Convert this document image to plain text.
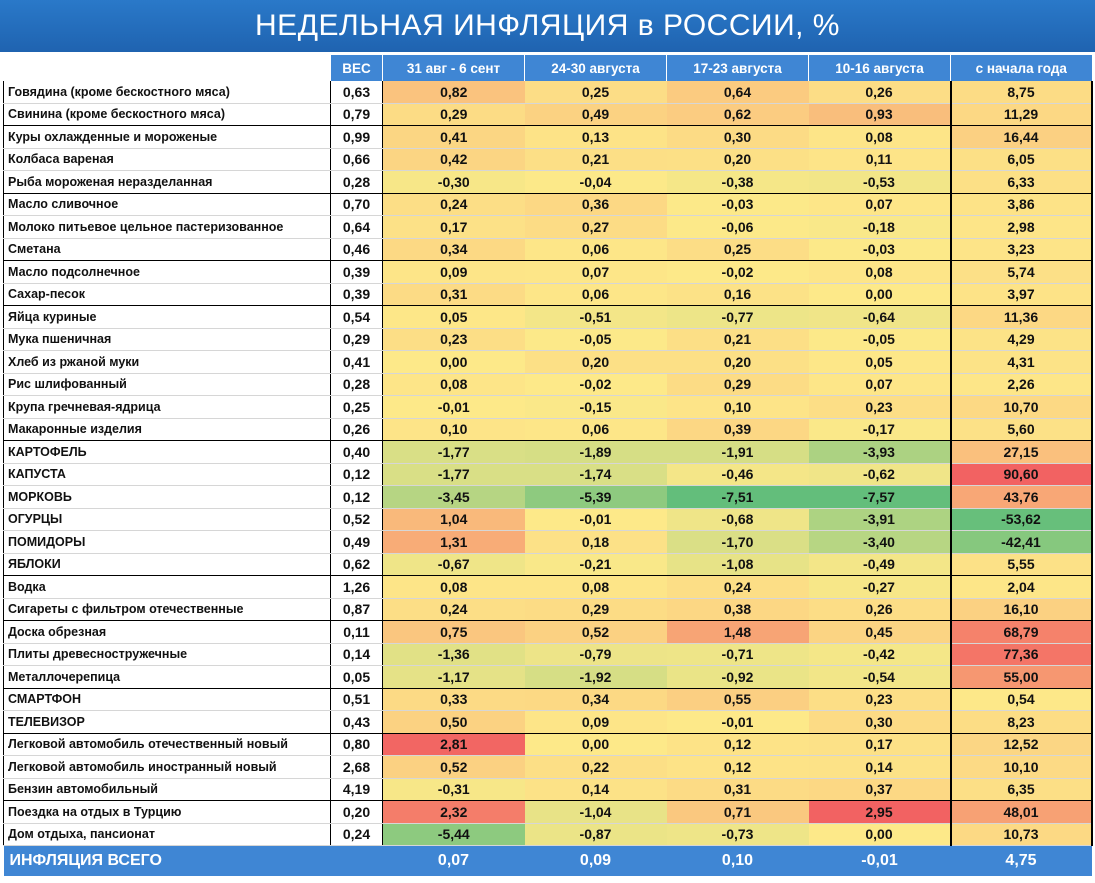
НЕДЕЛЬНАЯ ИНФЛЯЦИЯ в РОССИИ, %
	ВЕС	31 авг - 6 сент	24-30 августа	17-23 августа	10-16 августа	с начала года
Говядина (кроме бескостного мяса)	0,63	0,82	0,25	0,64	0,26	8,75
Свинина (кроме бескостного мяса)	0,79	0,29	0,49	0,62	0,93	11,29
Куры охлажденные и мороженые	0,99	0,41	0,13	0,30	0,08	16,44
Колбаса вареная	0,66	0,42	0,21	0,20	0,11	6,05
Рыба мороженая неразделанная	0,28	-0,30	-0,04	-0,38	-0,53	6,33
Масло сливочное	0,70	0,24	0,36	-0,03	0,07	3,86
Молоко питьевое цельное пастеризованное	0,64	0,17	0,27	-0,06	-0,18	2,98
Сметана	0,46	0,34	0,06	0,25	-0,03	3,23
Масло подсолнечное	0,39	0,09	0,07	-0,02	0,08	5,74
Сахар-песок	0,39	0,31	0,06	0,16	0,00	3,97
Яйца куриные	0,54	0,05	-0,51	-0,77	-0,64	11,36
Мука пшеничная	0,29	0,23	-0,05	0,21	-0,05	4,29
Хлеб из ржаной муки	0,41	0,00	0,20	0,20	0,05	4,31
Рис шлифованный	0,28	0,08	-0,02	0,29	0,07	2,26
Крупа гречневая-ядрица	0,25	-0,01	-0,15	0,10	0,23	10,70
Макаронные изделия	0,26	0,10	0,06	0,39	-0,17	5,60
КАРТОФЕЛЬ	0,40	-1,77	-1,89	-1,91	-3,93	27,15
КАПУСТА	0,12	-1,77	-1,74	-0,46	-0,62	90,60
МОРКОВЬ	0,12	-3,45	-5,39	-7,51	-7,57	43,76
ОГУРЦЫ	0,52	1,04	-0,01	-0,68	-3,91	-53,62
ПОМИДОРЫ	0,49	1,31	0,18	-1,70	-3,40	-42,41
ЯБЛОКИ	0,62	-0,67	-0,21	-1,08	-0,49	5,55
Водка	1,26	0,08	0,08	0,24	-0,27	2,04
Сигареты с фильтром отечественные	0,87	0,24	0,29	0,38	0,26	16,10
Доска обрезная	0,11	0,75	0,52	1,48	0,45	68,79
Плиты древесностружечные	0,14	-1,36	-0,79	-0,71	-0,42	77,36
Металлочерепица	0,05	-1,17	-1,92	-0,92	-0,54	55,00
СМАРТФОН	0,51	0,33	0,34	0,55	0,23	0,54
ТЕЛЕВИЗОР	0,43	0,50	0,09	-0,01	0,30	8,23
Легковой автомобиль отечественный новый	0,80	2,81	0,00	0,12	0,17	12,52
Легковой автомобиль иностранный новый	2,68	0,52	0,22	0,12	0,14	10,10
Бензин автомобильный	4,19	-0,31	0,14	0,31	0,37	6,35
Поездка на отдых в Турцию	0,20	2,32	-1,04	0,71	2,95	48,01
Дом отдыха, пансионат	0,24	-5,44	-0,87	-0,73	0,00	10,73
ИНФЛЯЦИЯ ВСЕГО		0,07	0,09	0,10	-0,01	4,75
